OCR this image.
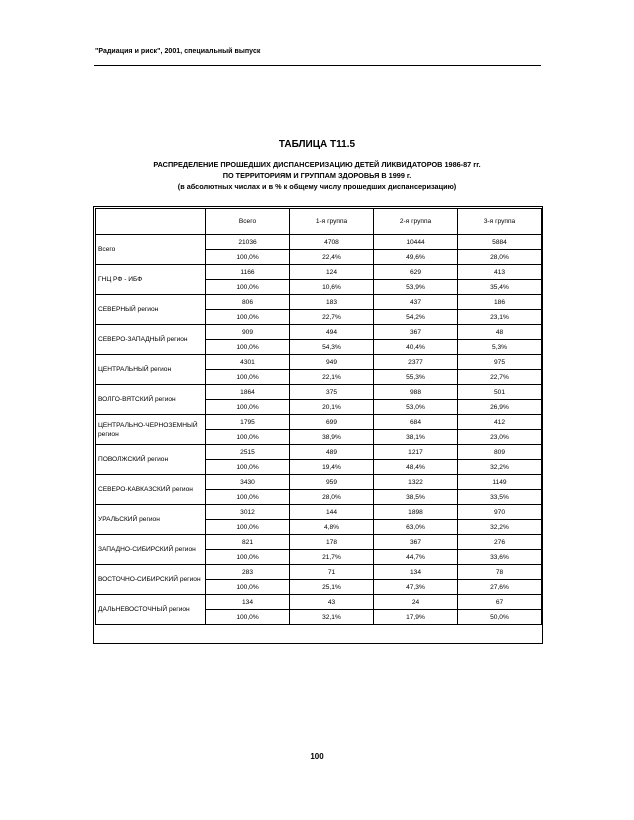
"Радиация и риск", 2001, специальный выпуск
ТАБЛИЦА Т11.5
РАСПРЕДЕЛЕНИЕ ПРОШЕДШИХ ДИСПАНСЕРИЗАЦИЮ ДЕТЕЙ ЛИКВИДАТОРОВ 1986-87 гг.
ПО ТЕРРИТОРИЯМ И ГРУППАМ ЗДОРОВЬЯ В 1999 г.
(в абсолютных числах и в % к общему числу прошедших диспансеризацию)
	Всего	1-я группа	2-я группа	3-я группа
Всего	21036	4708	10444	5884
	100,0%	22,4%	49,6%	28,0%
ГНЦ РФ - ИБФ	1166	124	629	413
	100,0%	10,6%	53,9%	35,4%
СЕВЕРНЫЙ регион	806	183	437	186
	100,0%	22,7%	54,2%	23,1%
СЕВЕРО-ЗАПАДНЫЙ регион	909	494	367	48
	100,0%	54,3%	40,4%	5,3%
ЦЕНТРАЛЬНЫЙ регион	4301	949	2377	975
	100,0%	22,1%	55,3%	22,7%
ВОЛГО-ВЯТСКИЙ регион	1864	375	988	501
	100,0%	20,1%	53,0%	26,9%
ЦЕНТРАЛЬНО-ЧЕРНОЗЕМНЫЙ регион	1795	699	684	412
	100,0%	38,9%	38,1%	23,0%
ПОВОЛЖСКИЙ регион	2515	489	1217	809
	100,0%	19,4%	48,4%	32,2%
СЕВЕРО-КАВКАЗСКИЙ регион	3430	959	1322	1149
	100,0%	28,0%	38,5%	33,5%
УРАЛЬСКИЙ регион	3012	144	1898	970
	100,0%	4,8%	63,0%	32,2%
ЗАПАДНО-СИБИРСКИЙ регион	821	178	367	276
	100,0%	21,7%	44,7%	33,6%
ВОСТОЧНО-СИБИРСКИЙ регион	283	71	134	78
	100,0%	25,1%	47,3%	27,6%
ДАЛЬНЕВОСТОЧНЫЙ регион	134	43	24	67
	100,0%	32,1%	17,9%	50,0%
100
